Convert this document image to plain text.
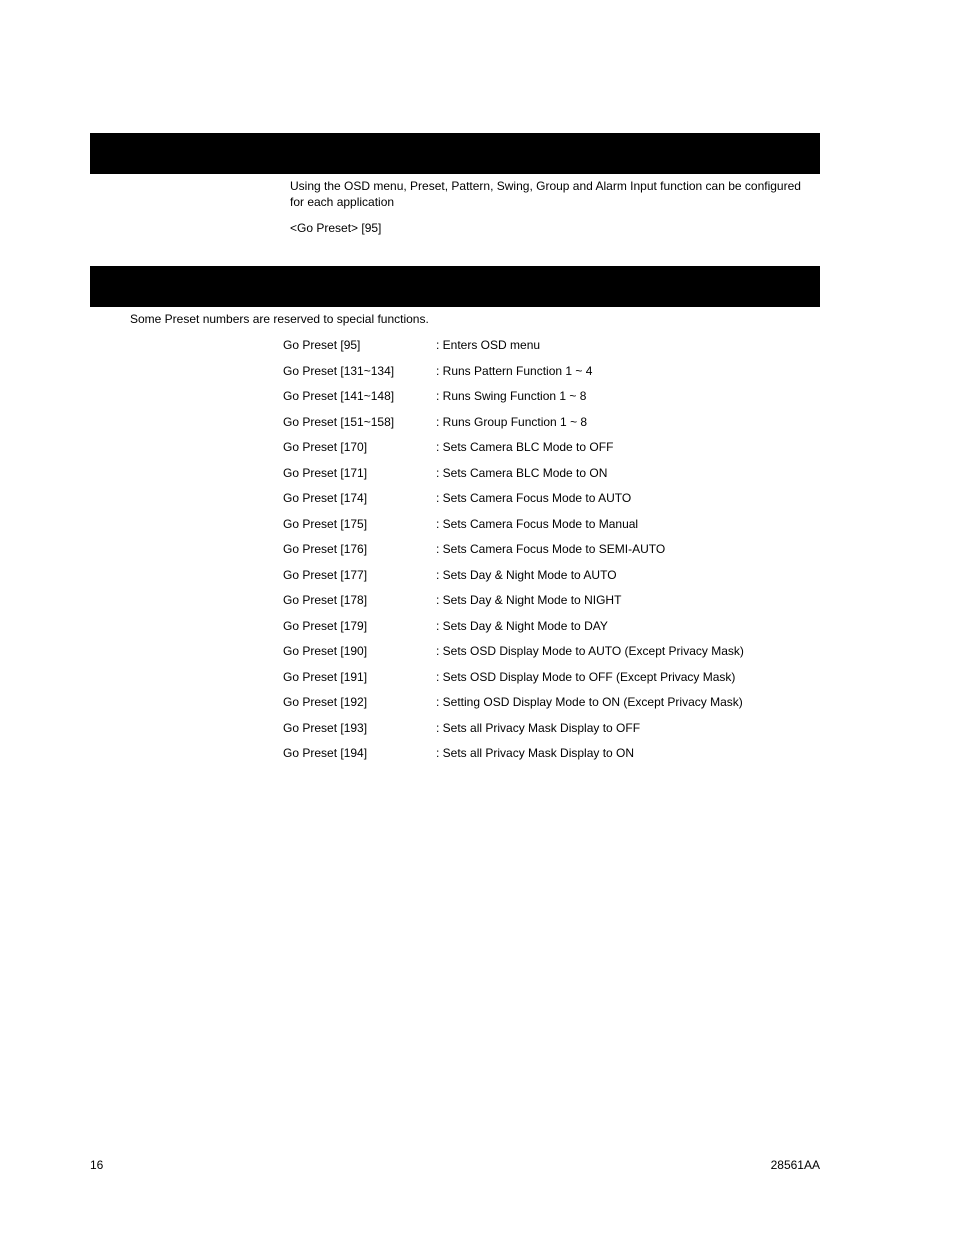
Using the OSD menu, Preset, Pattern, Swing, Group and Alarm Input function can be configured for each application
<Go Preset> [95]
Some Preset numbers are reserved to special functions.
Go Preset [95]	: Enters OSD menu
Go Preset [131~134]	: Runs Pattern Function 1 ~ 4
Go Preset [141~148]	: Runs Swing Function 1 ~ 8
Go Preset [151~158]	: Runs Group Function 1 ~ 8
Go Preset [170]	: Sets Camera BLC Mode to OFF
Go Preset [171]	: Sets Camera BLC Mode to ON
Go Preset [174]	: Sets Camera Focus Mode to AUTO
Go Preset [175]	: Sets Camera Focus Mode to Manual
Go Preset [176]	: Sets Camera Focus Mode to SEMI-AUTO
Go Preset [177]	: Sets Day & Night Mode to AUTO
Go Preset [178]	: Sets Day & Night Mode to NIGHT
Go Preset [179]	: Sets Day & Night Mode to DAY
Go Preset [190]	: Sets OSD Display Mode to AUTO (Except Privacy Mask)
Go Preset [191]	: Sets OSD Display Mode to OFF (Except Privacy Mask)
Go Preset [192]	: Setting OSD Display Mode to ON (Except Privacy Mask)
Go Preset [193]	: Sets all Privacy Mask Display to OFF
Go Preset [194]	: Sets all Privacy Mask Display to ON
16	28561AA
